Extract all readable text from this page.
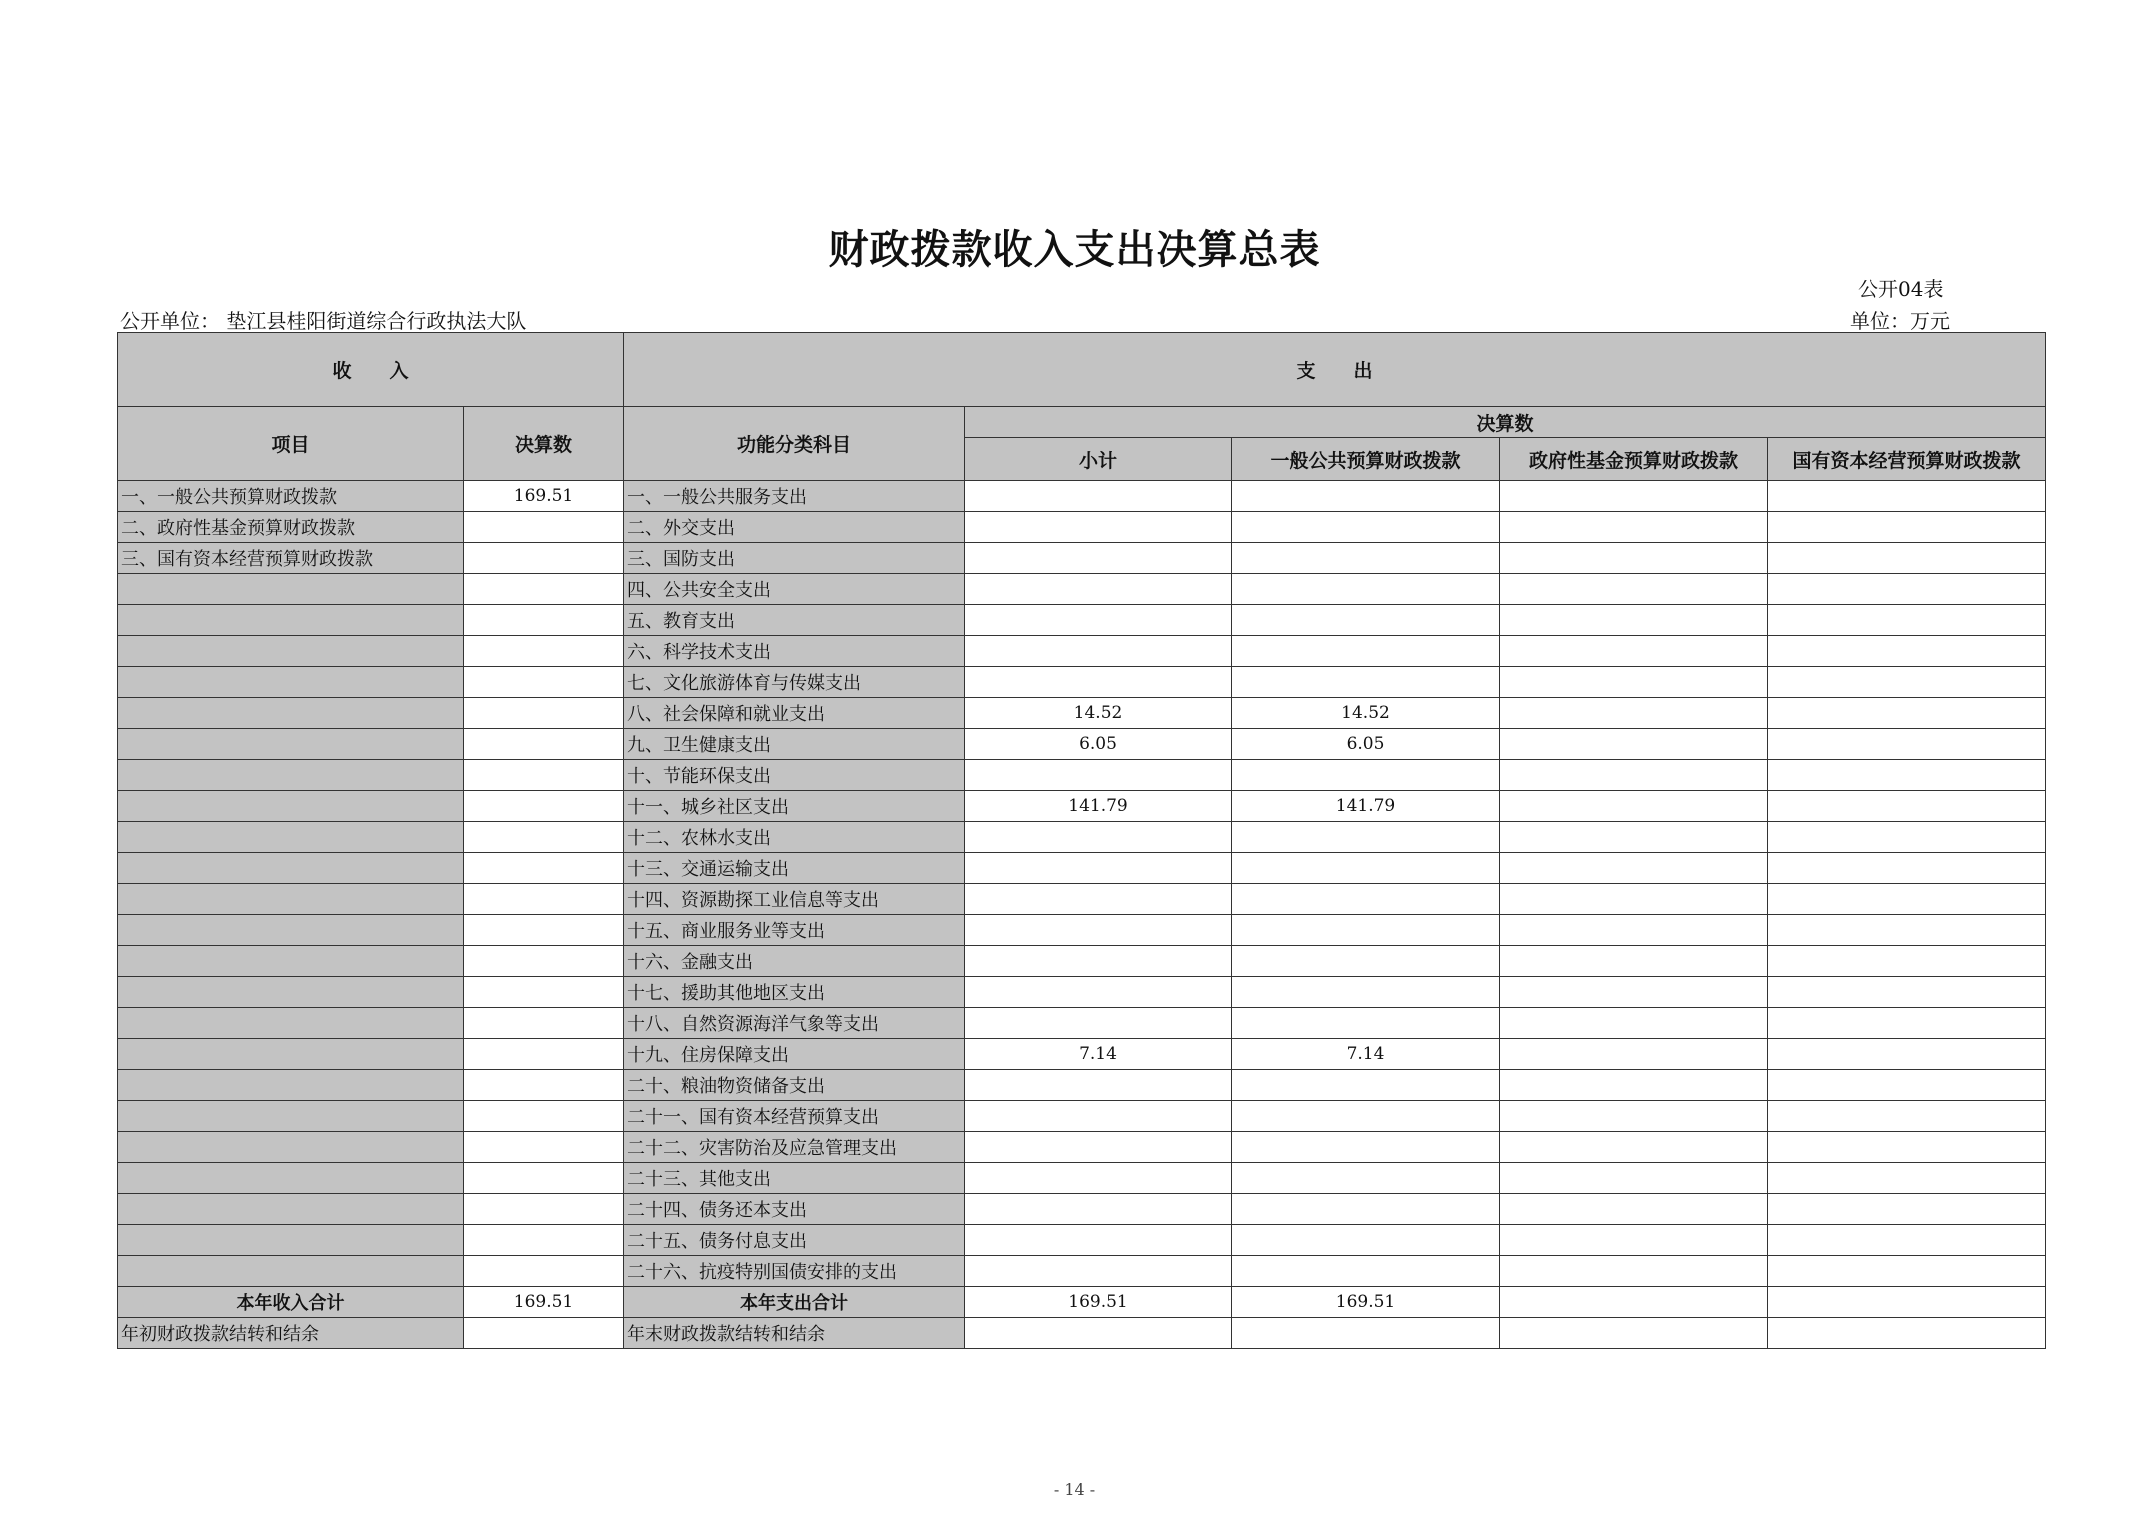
财政拨款收入支出决算总表
公开04表
公开单位： 垫江县桂阳街道综合行政执法大队	单位：万元
收　　入		支　　出				
项目	决算数	功能分类科目	决算数			
			小计	一般公共预算财政拨款	政府性基金预算财政拨款	国有资本经营预算财政拨款
一、一般公共预算财政拨款	169.51	一、一般公共服务支出				
二、政府性基金预算财政拨款		二、外交支出				
三、国有资本经营预算财政拨款		三、国防支出				
		四、公共安全支出				
		五、教育支出				
		六、科学技术支出				
		七、文化旅游体育与传媒支出				
		八、社会保障和就业支出	14.52	14.52		
		九、卫生健康支出	6.05	6.05		
		十、节能环保支出				
		十一、城乡社区支出	141.79	141.79		
		十二、农林水支出				
		十三、交通运输支出				
		十四、资源勘探工业信息等支出				
		十五、商业服务业等支出				
		十六、金融支出				
		十七、援助其他地区支出				
		十八、自然资源海洋气象等支出				
		十九、住房保障支出	7.14	7.14		
		二十、粮油物资储备支出				
		二十一、国有资本经营预算支出				
		二十二、灾害防治及应急管理支出				
		二十三、其他支出				
		二十四、债务还本支出				
		二十五、债务付息支出				
		二十六、抗疫特别国债安排的支出				
本年收入合计	169.51	本年支出合计	169.51	169.51		
年初财政拨款结转和结余		年末财政拨款结转和结余				
- 14 -
